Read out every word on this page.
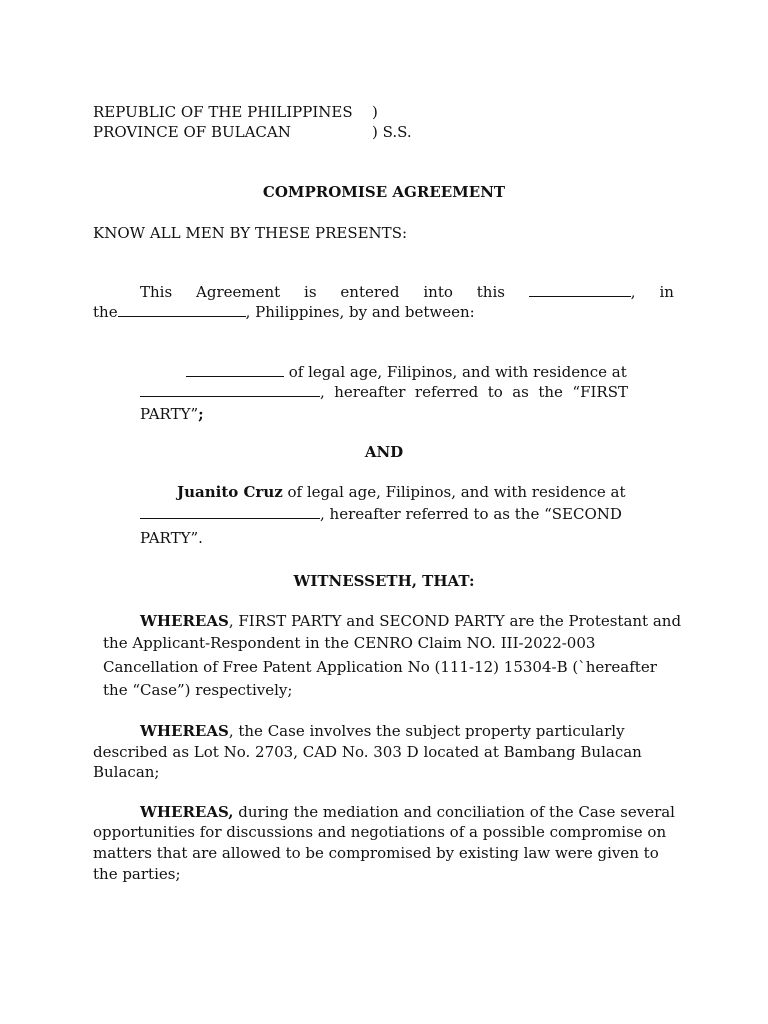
REPUBLIC OF THE PHILIPPINES )
PROVINCE OF BULACAN	) S.S.
COMPROMISE AGREEMENT
KNOW ALL MEN BY THESE PRESENTS:
This Agreement is entered into this	, in
the	, Philippines, by and between:
of legal age, Filipinos, and with residence at
, hereafter referred to as the “FIRST
PARTY”;
AND
Juanito Cruz of legal age, Filipinos, and with residence at
, hereafter referred to as the “SECOND
PARTY”.
WITNESSETH, THAT:
WHEREAS, FIRST PARTY and SECOND PARTY are the Protestant and
the Applicant-Respondent in the CENRO Claim NO. III-2022-003
Cancellation of Free Patent Application No (111-12) 15304-B (`hereafter
the “Case”) respectively;
WHEREAS, the Case involves the subject property particularly
described as Lot No. 2703, CAD No. 303 D located at Bambang Bulacan
Bulacan;
WHEREAS, during the mediation and conciliation of the Case several
opportunities for discussions and negotiations of a possible compromise on
matters that are allowed to be compromised by existing law were given to
the parties;
